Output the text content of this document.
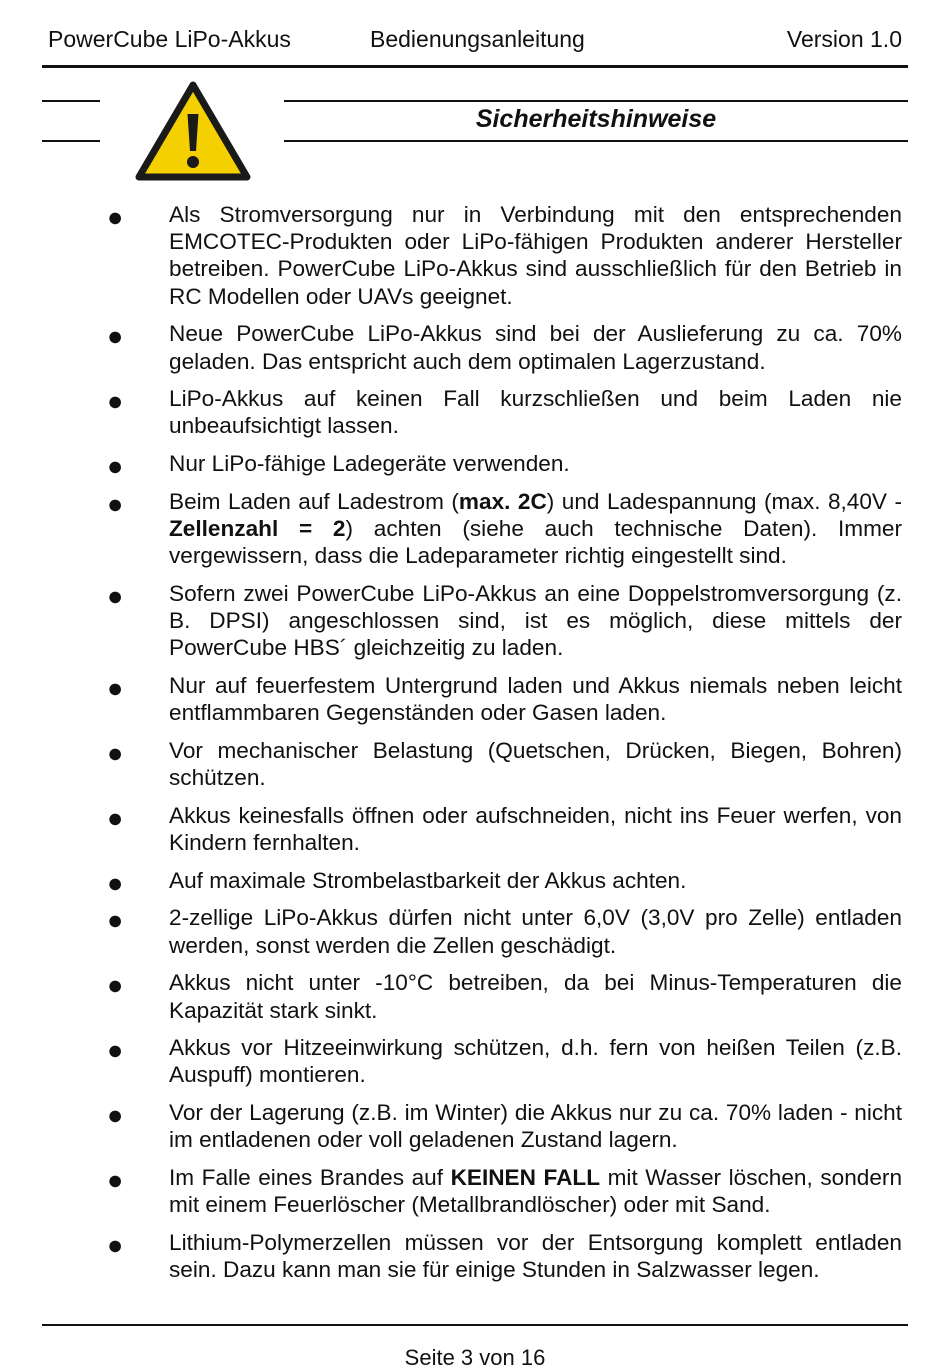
PowerCube LiPo-Akkus	Bedienungsanleitung	Version 1.0
Sicherheitshinweise
● Als Stromversorgung nur in Verbindung mit den entsprechenden EMCOTEC-Produkten oder LiPo-fähigen Produkten anderer Hersteller betreiben. PowerCube LiPo-Akkus sind ausschließlich für den Betrieb in RC Modellen oder UAVs geeignet.
● Neue PowerCube LiPo-Akkus sind bei der Auslieferung zu ca. 70% geladen. Das entspricht auch dem optimalen Lagerzustand.
● LiPo-Akkus auf keinen Fall kurzschließen und beim Laden nie unbeaufsichtigt lassen.
● Nur LiPo-fähige Ladegeräte verwenden.
● Beim Laden auf Ladestrom (max. 2C) und Ladespannung (max. 8,40V - Zellenzahl = 2) achten (siehe auch technische Daten). Immer vergewissern, dass die Ladeparameter richtig eingestellt sind.
● Sofern zwei PowerCube LiPo-Akkus an eine Doppelstromversorgung (z. B. DPSI) angeschlossen sind, ist es möglich, diese mittels der PowerCube HBS´ gleichzeitig zu laden.
● Nur auf feuerfestem Untergrund laden und Akkus niemals neben leicht entflammbaren Gegenständen oder Gasen laden.
● Vor mechanischer Belastung (Quetschen, Drücken, Biegen, Bohren) schützen.
● Akkus keinesfalls öffnen oder aufschneiden, nicht ins Feuer werfen, von Kindern fernhalten.
● Auf maximale Strombelastbarkeit der Akkus achten.
● 2-zellige LiPo-Akkus dürfen nicht unter 6,0V (3,0V pro Zelle) entladen werden, sonst werden die Zellen geschädigt.
● Akkus nicht unter -10°C betreiben, da bei Minus-Temperaturen die Kapazität stark sinkt.
● Akkus vor Hitzeeinwirkung schützen, d.h. fern von heißen Teilen (z.B. Auspuff) montieren.
● Vor der Lagerung (z.B. im Winter) die Akkus nur zu ca. 70% laden - nicht im entladenen oder voll geladenen Zustand lagern.
● Im Falle eines Brandes auf KEINEN FALL mit Wasser löschen, sondern mit einem Feuerlöscher (Metallbrandlöscher) oder mit Sand.
● Lithium-Polymerzellen müssen vor der Entsorgung komplett entladen sein. Dazu kann man sie für einige Stunden in Salzwasser legen.
Seite 3 von 16
